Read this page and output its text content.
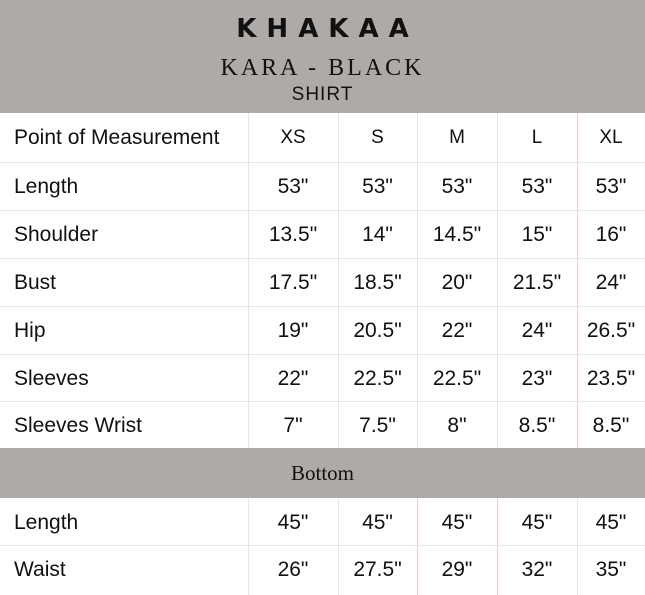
KHAKAA
KARA - BLACK
SHIRT
Point of Measurement	XS	S	M	L	XL
Length	53"	53"	53"	53"	53"
Shoulder	13.5"	14"	14.5"	15"	16"
Bust	17.5"	18.5"	20"	21.5"	24"
Hip	19"	20.5"	22"	24"	26.5"
Sleeves	22"	22.5"	22.5"	23"	23.5"
Sleeves Wrist	7"	7.5"	8"	8.5"	8.5"
Bottom
Length	45"	45"	45"	45"	45"
Waist	26"	27.5"	29"	32"	35"
